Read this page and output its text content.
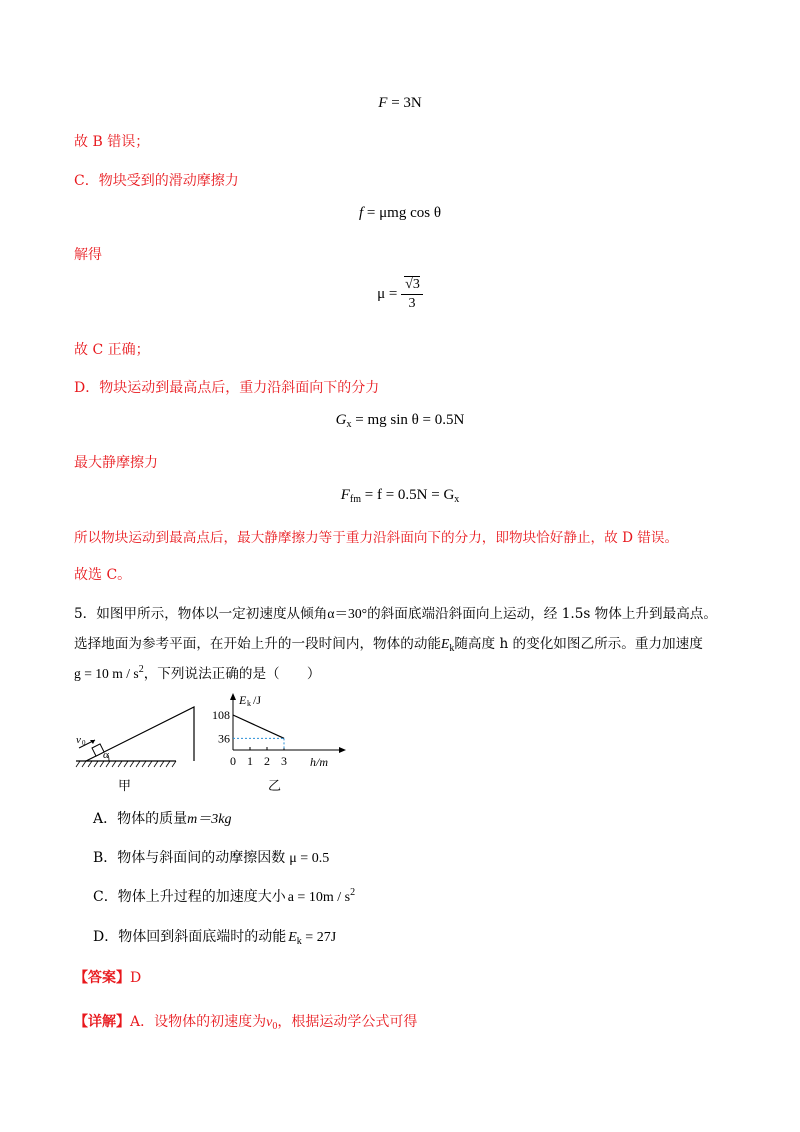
F = 3N
故 B 错误；
C．物块受到的滑动摩擦力
f = μmg cos θ
解得
$\mu = \frac{√3}{3}$
故 C 正确；
D．物块运动到最高点后，重力沿斜面向下的分力
$G_x$ = mg sin θ = 0.5N
最大静摩擦力
$F_{fm} = f = 0.5N = G_x$
所以物块运动到最高点后，最大静摩擦力等于重力沿斜面向下的分力，即物块恰好静止，故 D 错误。
故选 C。
5．如图甲所示，物体以一定初速度从倾角α＝30°的斜面底端沿斜面向上运动，经 1.5s 物体上升到最高点。
选择地面为参考平面，在开始上升的一段时间内，物体的动能$E_k$随高度 h 的变化如图乙所示。重力加速度
g = 10 m / $s^2$，下列说法正确的是（　　）
v 0
α
甲
E k /J
h/m
108
36
0 1 2 3
乙
A．物体的质量m＝3kg
B．物体与斜面间的动摩擦因数 μ = 0.5
C．物体上升过程的加速度大小 $a = 10m / s^2$
D．物体回到斜面底端时的动能 $E_k = 27J$
【答案】D
【详解】A．设物体的初速度为$v_0$，根据运动学公式可得
